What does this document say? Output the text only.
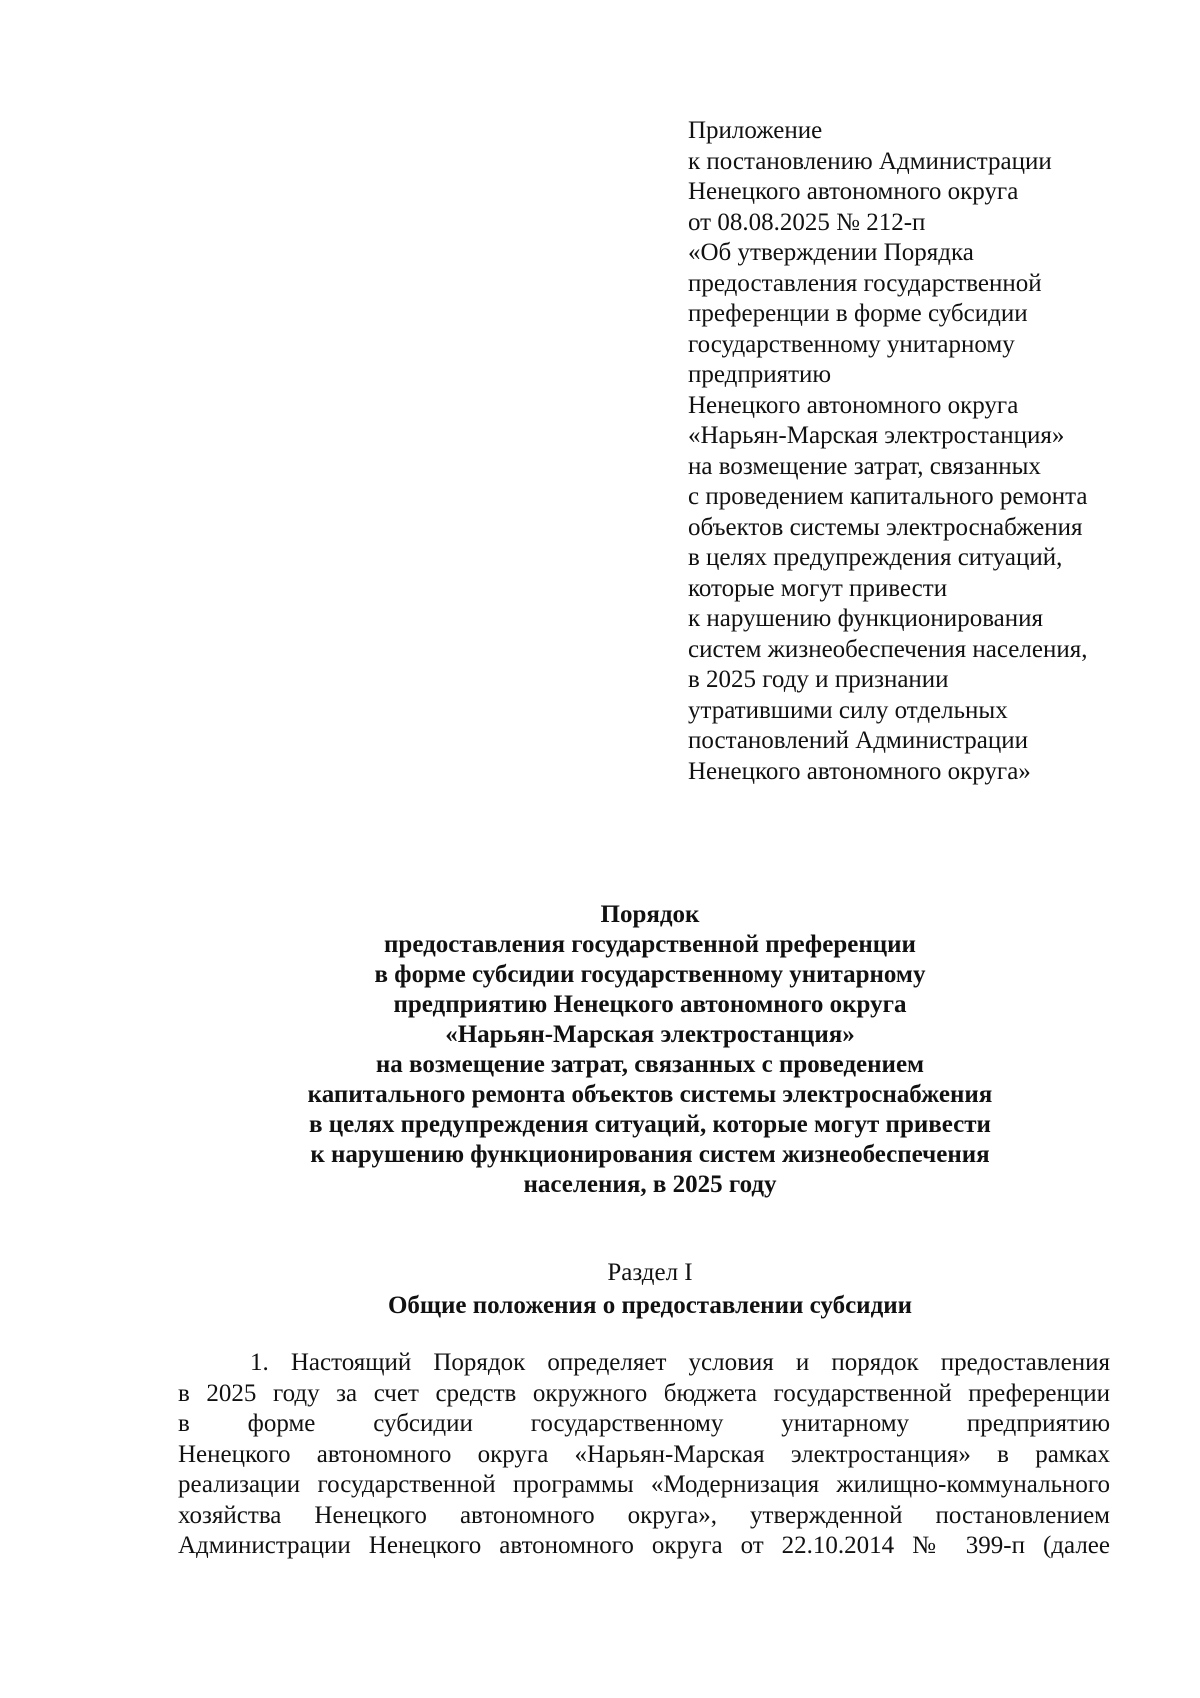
Приложение
к постановлению Администрации
Ненецкого автономного округа
от 08.08.2025 № 212-п
«Об утверждении Порядка
предоставления государственной
преференции в форме субсидии
государственному унитарному
предприятию
Ненецкого автономного округа
«Нарьян-Марская электростанция»
на возмещение затрат, связанных
с проведением капитального ремонта
объектов системы электроснабжения
в целях предупреждения ситуаций,
которые могут привести
к нарушению функционирования
систем жизнеобеспечения населения,
в 2025 году и признании
утратившими силу отдельных
постановлений Администрации
Ненецкого автономного округа»
Порядок
предоставления государственной преференции
в форме субсидии государственному унитарному
предприятию Ненецкого автономного округа
«Нарьян-Марская электростанция»
на возмещение затрат, связанных с проведением
капитального ремонта объектов системы электроснабжения
в целях предупреждения ситуаций, которые могут привести
к нарушению функционирования систем жизнеобеспечения
населения, в 2025 году
Раздел I
Общие положения о предоставлении субсидии
1. Настоящий Порядок определяет условия и порядок предоставления
в 2025 году за счет средств окружного бюджета государственной преференции
в форме субсидии государственному унитарному предприятию
Ненецкого автономного округа «Нарьян-Марская электростанция» в рамках
реализации государственной программы «Модернизация жилищно-коммунального
хозяйства Ненецкого автономного округа», утвержденной постановлением
Администрации Ненецкого автономного округа от 22.10.2014 № 399-п (далее
